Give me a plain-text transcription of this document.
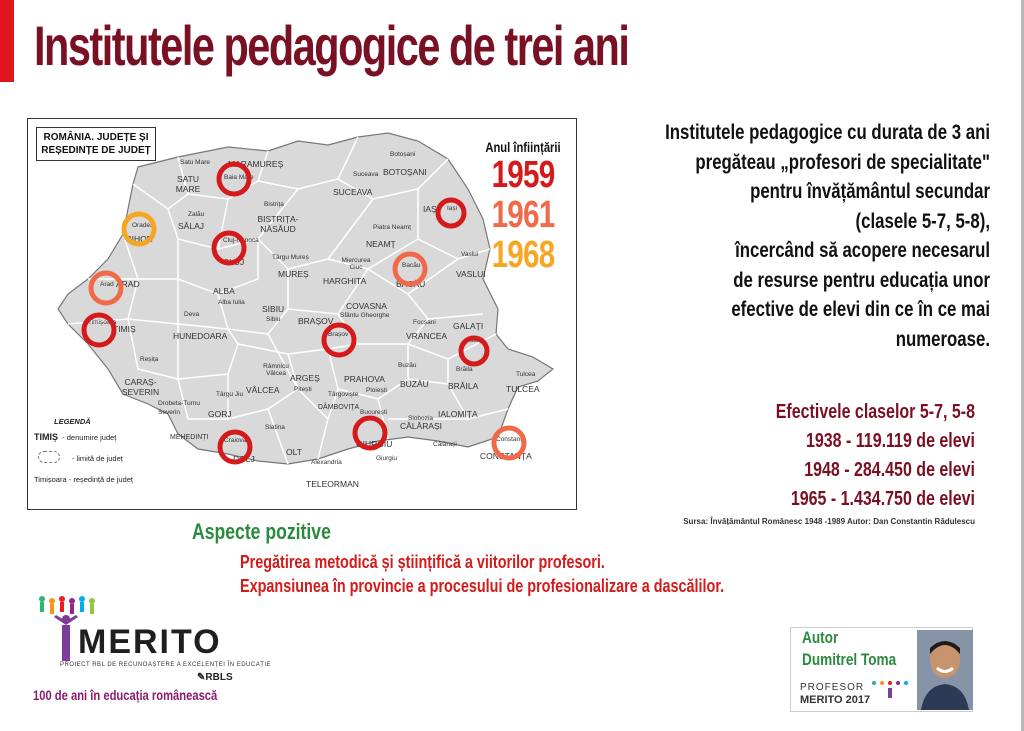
Institutele pedagogice de trei ani
ROMÂNIA. JUDEȚE ȘI REȘEDINȚE DE JUDEȚ
MARAMUREȘ
SATU MARE
BOTOȘANI
SUCEAVA
SĂLAJ
BISTRIȚA-NĂSĂUD
IAȘI
NEAMȚ
BIHOR
CLUJ
MUREȘ
HARGHITA	BACĂU
VASLUI
ARAD
ALBA
SIBIU	COVASNA
VRANCEA
GALAȚI
TIMIȘ
HUNEDOARA
BRAȘOV
BUZĂU BRĂILA	TULCEA
CARAȘ-SEVERIN	VÂLCEA
ARGEȘ	PRAHOVA
GORJ
MEHEDINȚI
DÂMBOVIȚA
IALOMIȚA
DOLJ
OLT
CĂLĂRAȘI
CONSTANȚA
TELEORMAN
GIURGIU
Satu Mare
Baia Mare
Botoșani
Suceava
Zalău
Bistrița
Iași
Oradea
Cluj-Napoca
Piatra Neamț
Târgu Mureș	Miercurea Ciuc	Bacău
Vaslui
Arad
Alba Iulia
Deva
Sibiu
Sfântu Gheorghe
Focșani
Galați
Timișoara
Brașov
Buzău
Brăila
Tulcea
Reșița
Râmnicu Vâlcea
Pitești	Ploiești
Târgu Jiu	Târgoviște
Slobozia
Drobeta-Turnu Severin
Craiova
Slatina
București
Călărași
Constanța
Alexandria
Giurgiu
Anul înființării
1959
1961
1968
LEGENDĂ
TIMIȘ - denumire județ
- limită de județ
Timișoara - reședință de județ
Institutele pedagogice cu durata de 3 ani
pregăteau „profesori de specialitate"
pentru învățământul secundar
(clasele 5-7, 5-8),
încercând să acopere necesarul
de resurse pentru educația unor
efective de elevi din ce în ce mai
numeroase.
Efectivele claselor 5-7, 5-8
1938 - 119.119 de elevi
1948 - 284.450 de elevi
1965 - 1.434.750 de elevi
Sursa: Învățământul Românesc 1948 -1989 Autor: Dan Constantin Rădulescu
Aspecte pozitive
Pregătirea metodică și științifică a viitorilor profesori.
Expansiunea în provincie a procesului de profesionalizare a dascălilor.
MERITO
PROIECT RBL DE RECUNOAȘTERE A EXCELENȚEI ÎN EDUCAȚIE
✎RBLS
100 de ani în educația românească
Autor
Dumitrel Toma
PROFESOR
MERITO 2017
